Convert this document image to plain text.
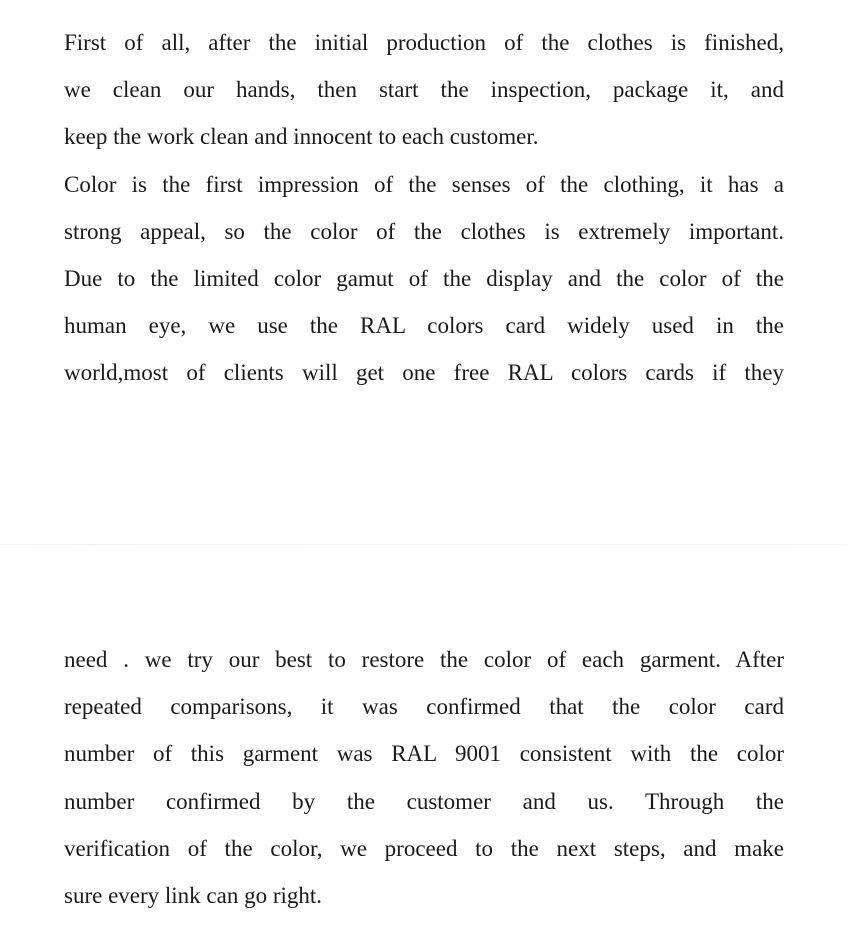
First of all, after the initial production of the clothes is finished,
we clean our hands, then start the inspection, package it, and
keep the work clean and innocent to each customer.
Color is the first impression of the senses of the clothing, it has a
strong appeal, so the color of the clothes is extremely important.
Due to the limited color gamut of the display and the color of the
human eye, we use the RAL colors card widely used in the
world,most of clients will get one free RAL colors cards if they
need . we try our best to restore the color of each garment. After
repeated comparisons, it was confirmed that the color card
number of this garment was RAL 9001 consistent with the color
number confirmed by the customer and us. Through the
verification of the color, we proceed to the next steps, and make
sure every link can go right.
